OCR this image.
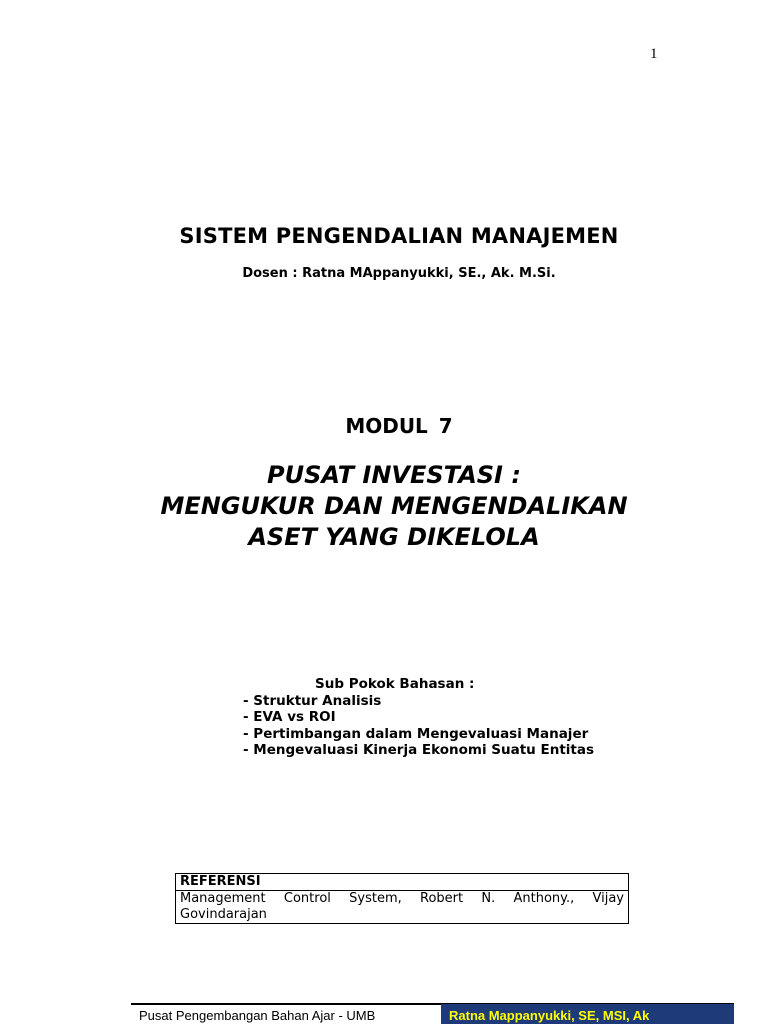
1
SISTEM PENGENDALIAN MANAJEMEN
Dosen : Ratna MAppanyukki, SE., Ak. M.Si.
MODUL 7
PUSAT INVESTASI :
MENGUKUR DAN MENGENDALIKAN
ASET YANG DIKELOLA
Sub Pokok Bahasan :
- Struktur Analisis
- EVA vs ROI
- Pertimbangan dalam Mengevaluasi Manajer
- Mengevaluasi Kinerja Ekonomi Suatu Entitas
REFERENSI
Management Control System, Robert N. Anthony., Vijay Govindarajan
Pusat Pengembangan Bahan Ajar - UMB	Ratna Mappanyukki, SE, MSI, Ak
